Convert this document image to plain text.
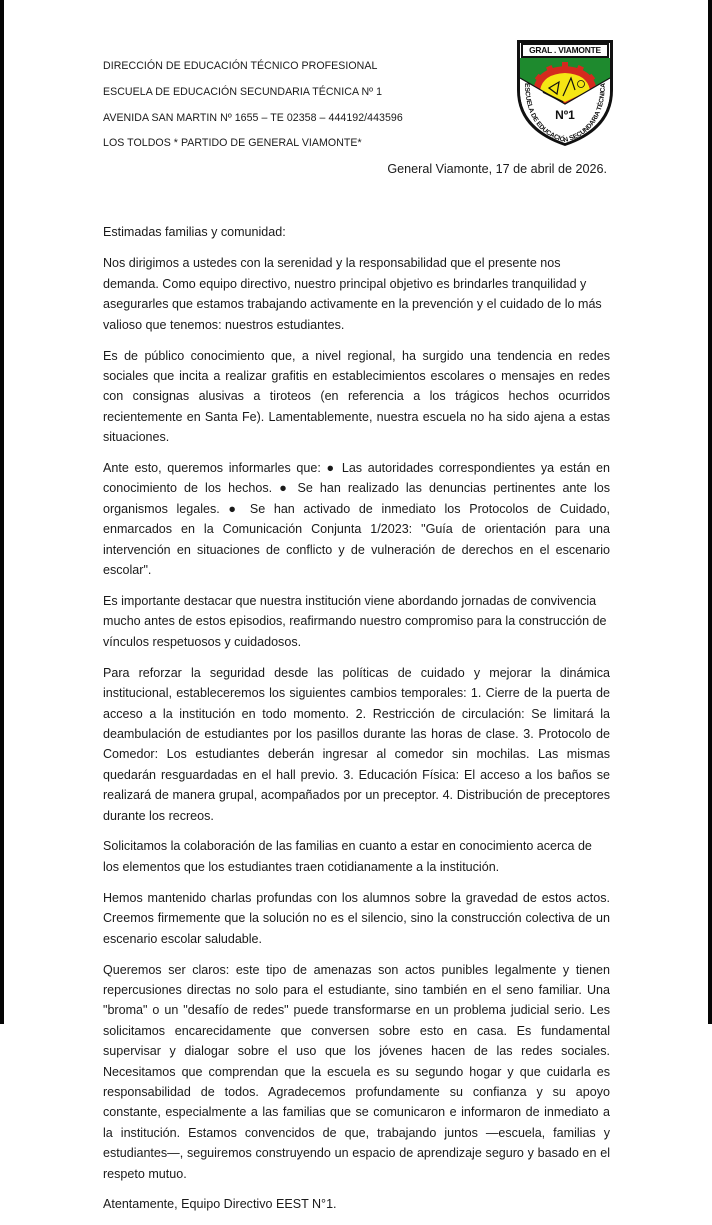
DIRECCIÓN DE EDUCACIÓN TÉCNICO PROFESIONAL
ESCUELA DE EDUCACIÓN SECUNDARIA TÉCNICA Nº 1
AVENIDA SAN MARTIN Nº 1655 – TE 02358 – 444192/443596
LOS TOLDOS * PARTIDO DE GENERAL VIAMONTE*
GRAL . VIAMONTE
Nº1
ESCUELA DE EDUCACIÓN SECUNDARIA TÉCNICA
General Viamonte, 17 de abril de 2026.

Estimadas familias y comunidad:

Nos dirigimos a ustedes con la serenidad y la responsabilidad que el presente nos demanda. Como equipo directivo, nuestro principal objetivo es brindarles tranquilidad y asegurarles que estamos trabajando activamente en la prevención y el cuidado de lo más valioso que tenemos: nuestros estudiantes.

Es de público conocimiento que, a nivel regional, ha surgido una tendencia en redes sociales que incita a realizar grafitis en establecimientos escolares o mensajes en redes con consignas alusivas a tiroteos (en referencia a los trágicos hechos ocurridos recientemente en Santa Fe). Lamentablemente, nuestra escuela no ha sido ajena a estas situaciones.

Ante esto, queremos informarles que: ● Las autoridades correspondientes ya están en conocimiento de los hechos. ● Se han realizado las denuncias pertinentes ante los organismos legales. ● Se han activado de inmediato los Protocolos de Cuidado, enmarcados en la Comunicación Conjunta 1/2023: "Guía de orientación para una intervención en situaciones de conflicto y de vulneración de derechos en el escenario escolar".

Es importante destacar que nuestra institución viene abordando jornadas de convivencia mucho antes de estos episodios, reafirmando nuestro compromiso para la construcción de vínculos respetuosos y cuidadosos.

Para reforzar la seguridad desde las políticas de cuidado y mejorar la dinámica institucional, estableceremos los siguientes cambios temporales: 1. Cierre de la puerta de acceso a la institución en todo momento. 2. Restricción de circulación: Se limitará la deambulación de estudiantes por los pasillos durante las horas de clase. 3. Protocolo de Comedor: Los estudiantes deberán ingresar al comedor sin mochilas. Las mismas quedarán resguardadas en el hall previo. 3. Educación Física: El acceso a los baños se realizará de manera grupal, acompañados por un preceptor. 4. Distribución de preceptores durante los recreos.

Solicitamos la colaboración de las familias en cuanto a estar en conocimiento acerca de los elementos que los estudiantes traen cotidianamente a la institución.

Hemos mantenido charlas profundas con los alumnos sobre la gravedad de estos actos. Creemos firmemente que la solución no es el silencio, sino la construcción colectiva de un escenario escolar saludable.

Queremos ser claros: este tipo de amenazas son actos punibles legalmente y tienen repercusiones directas no solo para el estudiante, sino también en el seno familiar. Una "broma" o un "desafío de redes" puede transformarse en un problema judicial serio. Les solicitamos encarecidamente que conversen sobre esto en casa. Es fundamental supervisar y dialogar sobre el uso que los jóvenes hacen de las redes sociales. Necesitamos que comprendan que la escuela es su segundo hogar y que cuidarla es responsabilidad de todos. Agradecemos profundamente su confianza y su apoyo constante, especialmente a las familias que se comunicaron e informaron de inmediato a la institución. Estamos convencidos de que, trabajando juntos —escuela, familias y estudiantes—, seguiremos construyendo un espacio de aprendizaje seguro y basado en el respeto mutuo.

Atentamente, Equipo Directivo EEST N°1.
